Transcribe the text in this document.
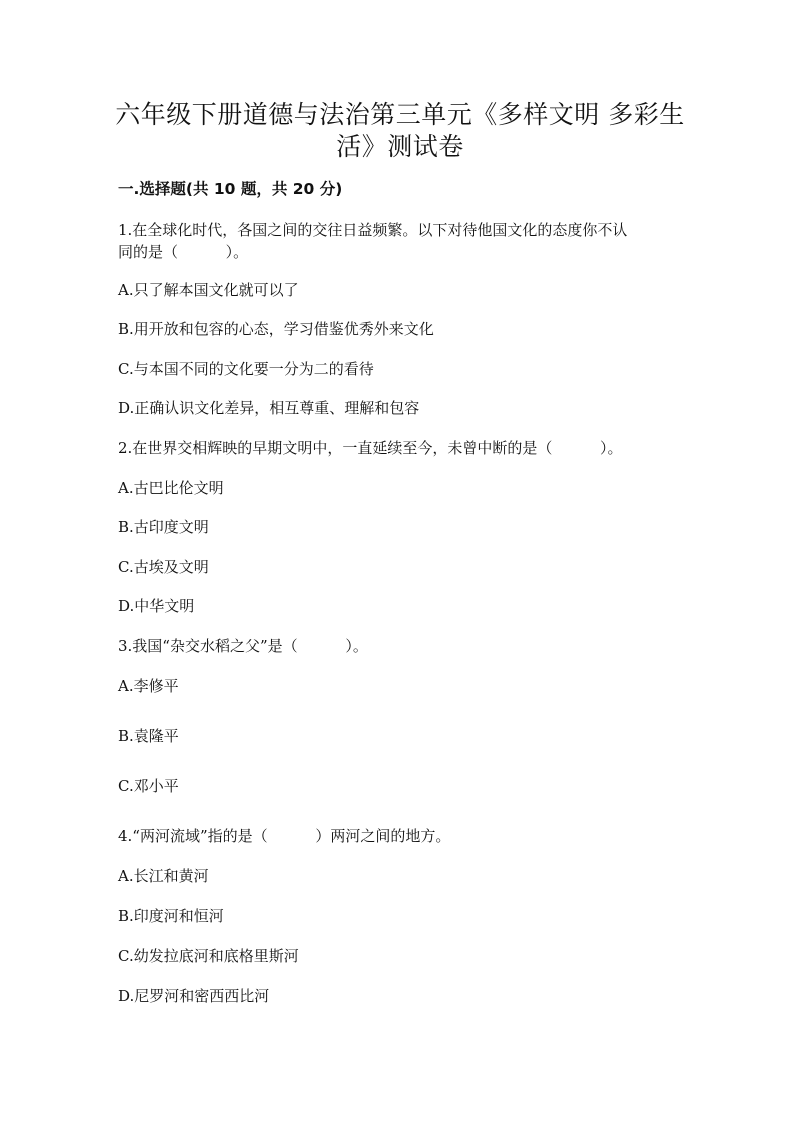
六年级下册道德与法治第三单元《多样文明 多彩生
活》测试卷
一.选择题(共 10 题，共 20 分)
1.在全球化时代，各国之间的交往日益频繁。以下对待他国文化的态度你不认
同的是（          ）。
A.只了解本国文化就可以了
B.用开放和包容的心态，学习借鉴优秀外来文化
C.与本国不同的文化要一分为二的看待
D.正确认识文化差异，相互尊重、理解和包容
2.在世界交相辉映的早期文明中，一直延续至今，未曾中断的是（          ）。
A.古巴比伦文明
B.古印度文明
C.古埃及文明
D.中华文明
3.我国“杂交水稻之父”是（          ）。
A.李修平
B.袁隆平
C.邓小平
4.“两河流域”指的是（          ）两河之间的地方。
A.长江和黄河
B.印度河和恒河
C.幼发拉底河和底格里斯河
D.尼罗河和密西西比河
